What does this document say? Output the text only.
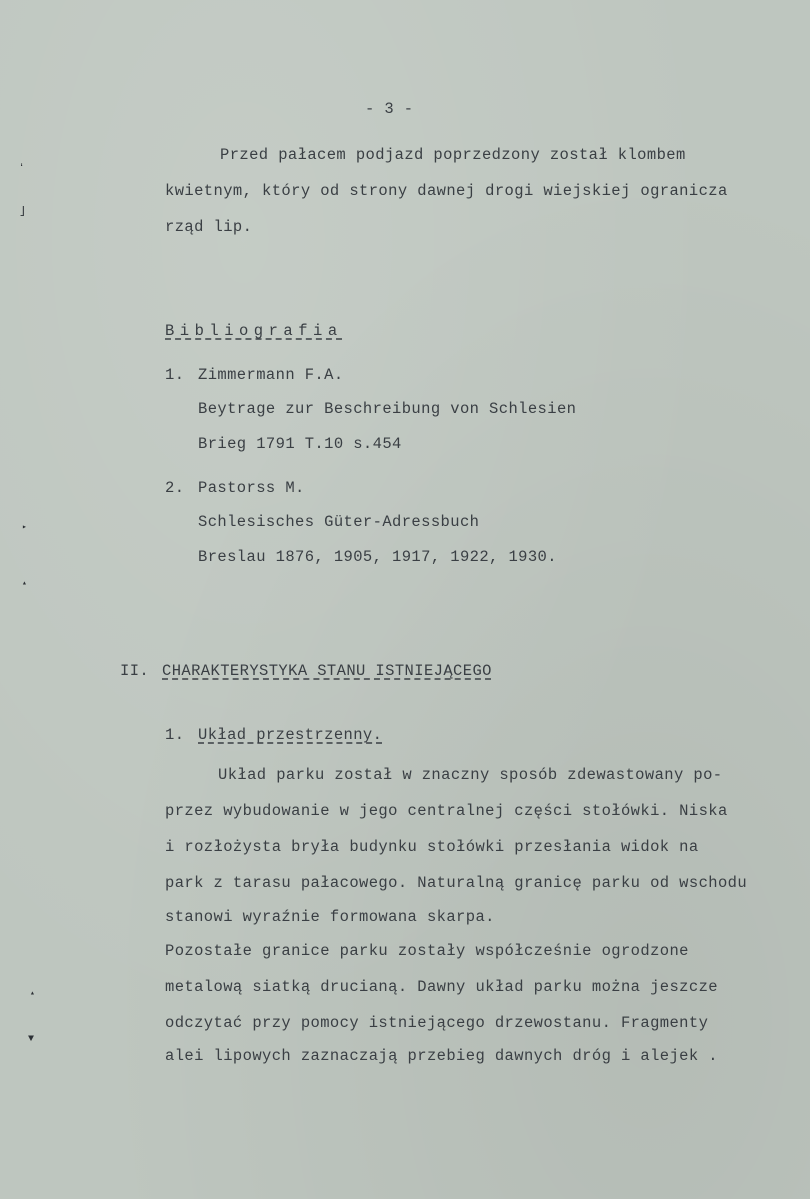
- 3 -
Przed pałacem podjazd poprzedzony został klombem
kwietnym, który od strony dawnej drogi wiejskiej ogranicza
rząd lip.
Bibliografia
1. Zimmermann F.A.
Beytrage zur Beschreibung von Schlesien
Brieg 1791 T.10 s.454
2. Pastorss M.
Schlesisches Güter-Adressbuch
Breslau 1876, 1905, 1917, 1922, 1930.
II. CHARAKTERYSTYKA STANU ISTNIEJĄCEGO
1. Układ przestrzenny.
Układ parku został w znaczny sposób zdewastowany po-
przez wybudowanie w jego centralnej części stołówki. Niska
i rozłożysta bryła budynku stołówki przesłania widok na
park z tarasu pałacowego. Naturalną granicę parku od wschodu
stanowi wyraźnie formowana skarpa.
Pozostałe granice parku zostały współcześnie ogrodzone
metalową siatką drucianą. Dawny układ parku można jeszcze
odczytać przy pomocy istniejącego drzewostanu. Fragmenty
alei lipowych zaznaczają przebieg dawnych dróg i alejek .
ʻ
˩
▸
▴
▴
▼
